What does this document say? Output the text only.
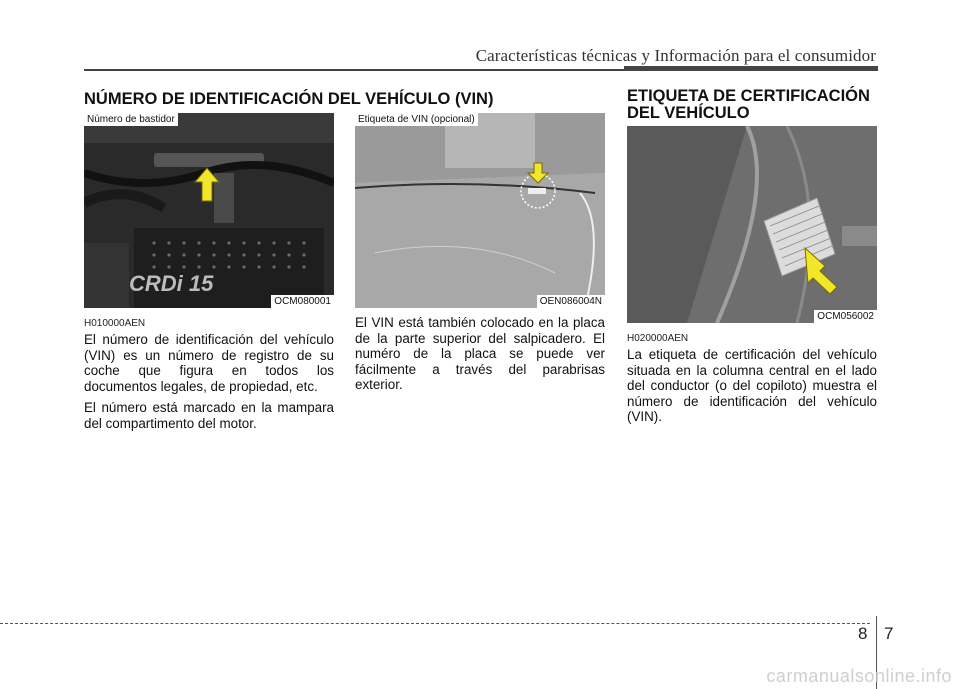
Características técnicas y Información para el consumidor
NÚMERO DE IDENTIFICACIÓN DEL VEHÍCULO (VIN)
CRDi 15
Número de bastidor
OCM080001
Etiqueta de VIN (opcional)
OEN086004N
H010000AEN

El número de identificación del vehículo (VIN) es un número de registro de su coche que figura en todos los documentos legales, de propiedad, etc.

El número está marcado en la mampara del compartimento del motor.

El VIN está también colocado en la placa de la parte superior del salpicadero. El numéro de la placa se puede ver fácilmente a través del parabrisas exterior.

ETIQUETA DE CERTIFICACIÓN
DEL VEHÍCULO
OCM056002
H020000AEN

La etiqueta de certificación del vehículo situada en la columna central en el lado del conductor (o del copiloto) muestra el número de identificación del vehículo (VIN).

8 7
carmanualsonline.info
